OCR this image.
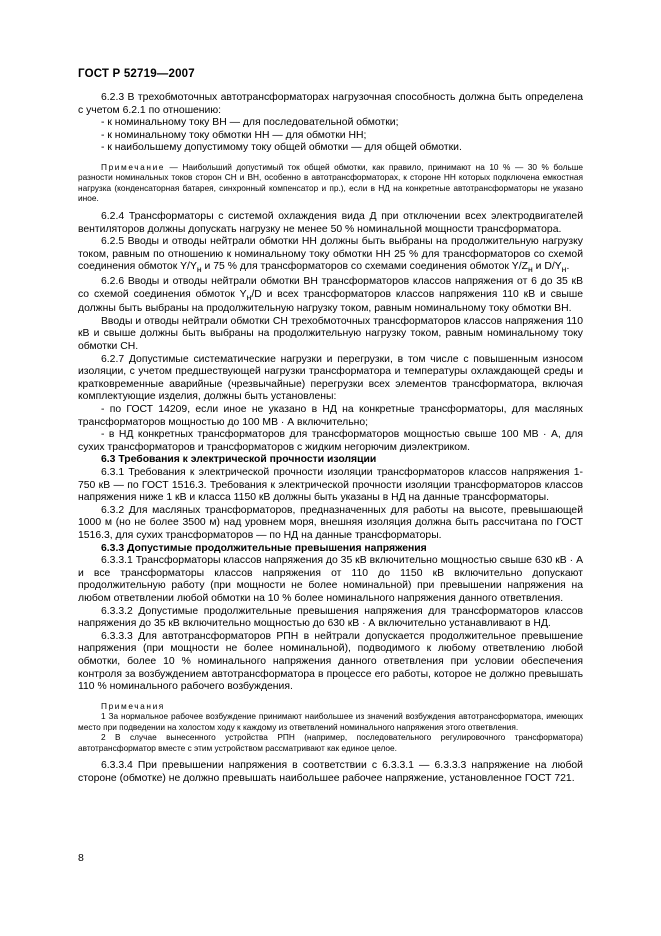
ГОСТ Р 52719—2007

6.2.3 В трехобмоточных автотрансформаторах нагрузочная способность должна быть определена с учетом 6.2.1 по отношению:

- к номинальному току ВН — для последовательной обмотки;

- к номинальному току обмотки НН — для обмотки НН;

- к наибольшему допустимому току общей обмотки — для общей обмотки.

Примечание — Наибольший допустимый ток общей обмотки, как правило, принимают на 10 % — 30 % больше разности номинальных токов сторон СН и ВН, особенно в автотрансформаторах, к стороне НН которых подключена емкостная нагрузка (конденсаторная батарея, синхронный компенсатор и пр.), если в НД на конкретные автотрансформаторы не указано иное.

6.2.4 Трансформаторы с системой охлаждения вида Д при отключении всех электродвигателей вентиляторов должны допускать нагрузку не менее 50 % номинальной мощности трансформатора.

6.2.5 Вводы и отводы нейтрали обмотки НН должны быть выбраны на продолжительную нагрузку током, равным по отношению к номинальному току обмотки НН 25 % для трансформаторов со схемой соединения обмоток $Y/Y_н$ и 75 % для трансформаторов со схемами соединения обмоток $Y/Z_н$ и $D/Y_н$.

6.2.6 Вводы и отводы нейтрали обмотки ВН трансформаторов классов напряжения от 6 до 35 кВ со схемой соединения обмоток $Y_н/D$ и всех трансформаторов классов напряжения 110 кВ и свыше должны быть выбраны на продолжительную нагрузку током, равным номинальному току обмотки ВН.

Вводы и отводы нейтрали обмотки СН трехобмоточных трансформаторов классов напряжения 110 кВ и свыше должны быть выбраны на продолжительную нагрузку током, равным номинальному току обмотки СН.

6.2.7 Допустимые систематические нагрузки и перегрузки, в том числе с повышенным износом изоляции, с учетом предшествующей нагрузки трансформатора и температуры охлаждающей среды и кратковременные аварийные (чрезвычайные) перегрузки всех элементов трансформатора, включая комплектующие изделия, должны быть установлены:

- по ГОСТ 14209, если иное не указано в НД на конкретные трансформаторы, для масляных трансформаторов мощностью до 100 МВ · А включительно;

- в НД конкретных трансформаторов для трансформаторов мощностью свыше 100 МВ · А, для сухих трансформаторов и трансформаторов с жидким негорючим диэлектриком.

6.3 Требования к электрической прочности изоляции

6.3.1 Требования к электрической прочности изоляции трансформаторов классов напряжения 1-750 кВ — по ГОСТ 1516.3. Требования к электрической прочности изоляции трансформаторов классов напряжения ниже 1 кВ и класса 1150 кВ должны быть указаны в НД на данные трансформаторы.

6.3.2 Для масляных трансформаторов, предназначенных для работы на высоте, превышающей 1000 м (но не более 3500 м) над уровнем моря, внешняя изоляция должна быть рассчитана по ГОСТ 1516.3, для сухих трансформаторов — по НД на данные трансформаторы.

6.3.3 Допустимые продолжительные превышения напряжения

6.3.3.1 Трансформаторы классов напряжения до 35 кВ включительно мощностью свыше 630 кВ · А и все трансформаторы классов напряжения от 110 до 1150 кВ включительно допускают продолжительную работу (при мощности не более номинальной) при превышении напряжения на любом ответвлении любой обмотки на 10 % более номинального напряжения данного ответвления.

6.3.3.2 Допустимые продолжительные превышения напряжения для трансформаторов классов напряжения до 35 кВ включительно мощностью до 630 кВ · А включительно устанавливают в НД.

6.3.3.3 Для автотрансформаторов РПН в нейтрали допускается продолжительное превышение напряжения (при мощности не более номинальной), подводимого к любому ответвлению любой обмотки, более 10 % номинального напряжения данного ответвления при условии обеспечения контроля за возбуждением автотрансформатора в процессе его работы, которое не должно превышать 110 % номинального рабочего возбуждения.

Примечания

1 За нормальное рабочее возбуждение принимают наибольшее из значений возбуждения автотрансформатора, имеющих место при подведении на холостом ходу к каждому из ответвлений номинального напряжения этого ответвления.

2 В случае вынесенного устройства РПН (например, последовательного регулировочного трансформатора) автотрансформатор вместе с этим устройством рассматривают как единое целое.

6.3.3.4 При превышении напряжения в соответствии с 6.3.3.1 — 6.3.3.3 напряжение на любой стороне (обмотке) не должно превышать наибольшее рабочее напряжение, установленное ГОСТ 721.

8
